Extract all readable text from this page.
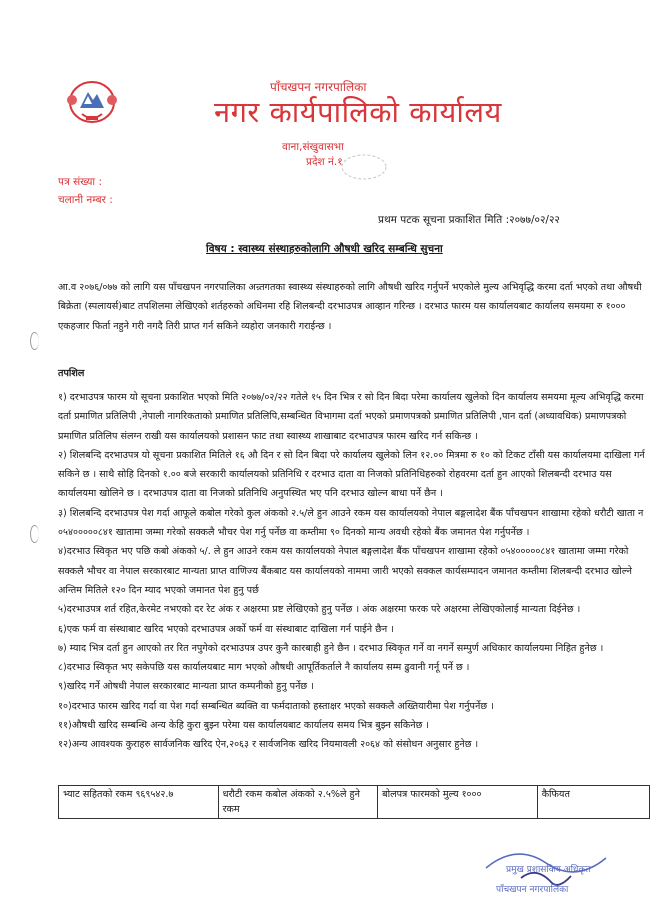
पाँचखपन नगरपालिका
नगर कार्यपालिको कार्यालय
वाना,संखुवासभा
प्रदेश नं.१
पत्र संख्या :
चलानी नम्बर :
प्रथम पटक सूचना प्रकाशित मिति :२०७७/०२/२२
विषय : स्वास्थ्य संस्थाहरुकोलागि औषधी खरिद सम्बन्धि सुचना
आ.व २०७६/०७७ को लागि यस पाँचखपन नगरपालिका अन्र्तगतका स्वास्थ्य संस्थाहरुको लागि औषधी खरिद गर्नुपर्ने भएकोले मुल्य अभिवृद्धि करमा दर्ता भएको तथा औषधी बिक्रेता (स्पलायर्स)बाट तपशिलमा लेखिएको शर्तहरुको अधिनमा रहि शिलबन्दी दरभाउपत्र आव्हान गरिन्छ । दरभाउ फारम यस कार्यालयबाट कार्यालय समयमा रु १००० एकहजार फिर्ता नहुने गरी नगदै तिरी प्राप्त गर्न सकिने व्यहोरा जनकारी गराईन्छ ।
तपशिल
१) दरभाउपत्र फारम यो सूचना प्रकाशित भएको मिति २०७७/०२/२२ गतेले १५ दिन भित्र र सो दिन बिदा परेमा कार्यालय खुलेको दिन कार्यालय समयमा मूल्य अभिवृद्धि करमा दर्ता प्रमाणित प्रतिलिपी ,नेपाली नागरिकताको प्रमाणित प्रतिलिपि,सम्बन्धित विभागमा दर्ता भएको प्रमाणपत्रको प्रमाणित प्रतिलिपी ,पान दर्ता (अध्यावधिक) प्रमाणपत्रको प्रमाणित प्रतिलिप संलग्न राखी यस कार्यालयको प्रशासन फाट तथा स्वास्थ्य शाखाबाट दरभाउपत्र फारम खरिद गर्न सकिन्छ ।
२) शिलबन्दि दरभाउपत्र यो सूचना प्रकाशित मितिले १६ औ दिन र सो दिन बिदा परे कार्यालय खुलेको लिन १२.०० मित्रमा रु १० को टिकट टाँसी यस कार्यालयमा दाखिला गर्न सकिने छ । साथै सोहि दिनको १.०० बजे सरकारी कार्यालयको प्रतिनिधि र दरभाउ दाता वा निजको प्रतिनिधिहरुको रोहवरमा दर्ता हुन आएको शिलबन्दी दरभाउ यस कार्यालयमा खोलिने छ । दरभाउपत्र दाता वा निजको प्रतिनिधि अनुपस्थित भए पनि दरभाउ खोल्न बाधा पर्ने छैन ।
३) शिलबन्दि दरभाउपत्र पेश गर्दा आफूले कबोल गरेको कुल अंकको २.५/ले हुन आउने रकम यस कार्यालयको नेपाल बङ्गलादेश बैंक पाँचखपन शाखामा रहेको धरौटी खाता न ०५४०००००८४१ खातामा जम्मा गरेको सक्कलै भौचर पेश गर्नु पर्नेछ वा कम्तीमा ९० दिनको मान्य अवधी रहेको बैंक जमानत पेश गर्नुपर्नेछ ।
४)दरभाउ स्विकृत भए पछि कबो अंकको ५/. ले हुन आउने रकम यस कार्यालयको नेपाल बङ्गलादेश बैंक पाँचखपन शाखामा रहेको ०५४०००००८४१ खातामा जम्मा गरेको सक्कलै भौचर वा नेपाल सरकारबाट मान्यता प्राप्त वाणिज्य बैंकबाट यस कार्यालयको नाममा जारी भएको सक्कल कार्यसम्पादन जमानत कम्तीमा शिलबन्दी दरभाउ खोल्ने अन्तिम मितिले १२० दिन म्याद भएको जमानत पेश हुनु पर्छ
५)दरभाउपत्र शर्त रहित,केरमेट नभएको दर रेट अंक र अक्षरमा प्रष्ट लेखिएको हुनु पर्नेछ । अंक अक्षरमा फरक परे अक्षरमा लेखिएकोलाई मान्यता दिईनेछ ।
६)एक फर्म वा संस्थाबाट खरिद भएको दरभाउपत्र अर्को फर्म वा संस्थाबाट दाखिला गर्न पाईने छैन ।
७) म्याद भित्र दर्ता हुन आएको तर रित नपुगेको दरभाउपत्र उपर कुनै कारबाही हुने छैन । दरभाउ स्विकृत गर्ने वा नगर्ने सम्पुर्ण अधिकार कार्यालयमा निहित हुनेछ ।
८)दरभाउ स्विकृत भए सकेपछि यस कार्यालयबाट माग भएको औषधी आपूर्तिकर्ताले नै कार्यालय सम्म ढुवानी गर्नू पर्ने छ ।
९)खरिद गर्ने ओषधी नेपाल सरकारबाट मान्यता प्राप्त कम्पनीको हुनु पर्नेछ ।
१०)दरभाउ फारम खरिद गर्दा वा पेश गर्दा सम्बन्धित ब्यक्ति वा फर्मदाताको हस्ताक्षर भएको सक्कलै अख्तियारीमा पेश गर्नुपर्नेछ ।
११)औषधी खरिद सम्बन्धि अन्य केहि कुरा बुझ्न परेमा यस कार्यालयबाट कार्यालय समय भित्र बुझ्न सकिनेछ ।
१२)अन्य आवश्यक कुराहरु सार्वजनिक खरिद ऐन,२०६३ र सार्वजनिक खरिद नियमावली २०६४ को संसोधन अनुसार हुनेछ ।
भ्याट सहितको रकम ९६९५४२.७	धरौटी रकम कबोल अंकको २.५%ले हुने रकम	बोलपत्र फारमको मुल्य १०००	कैफियत
प्रमुख प्रशासकिय अधिकृत
पाँचखपन नगरपालिका
